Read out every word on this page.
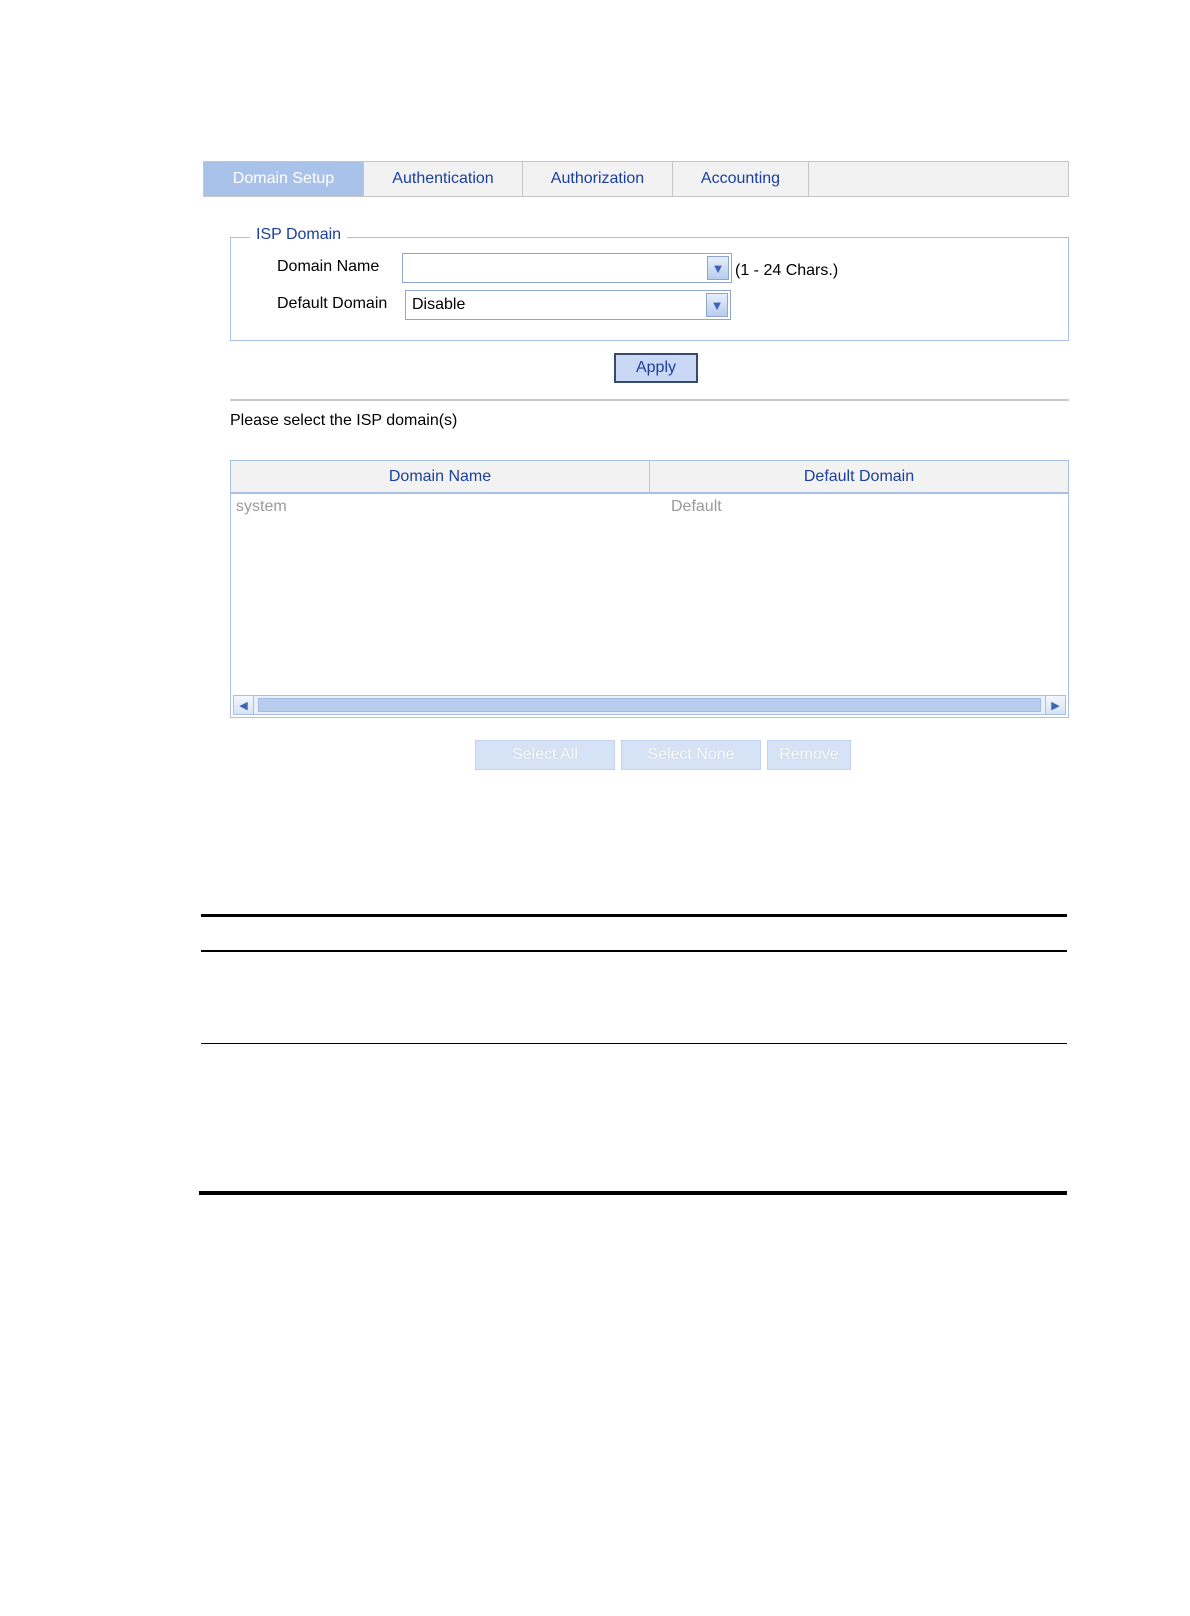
Domain Setup	Authentication	Authorization	Accounting
ISP Domain
Domain Name	▼ (1 - 24 Chars.)
Default Domain	Disable	▼
Apply
Please select the ISP domain(s)
Domain Name	Default Domain
system	Default
◀	▶
Select All	Select None	Remove
